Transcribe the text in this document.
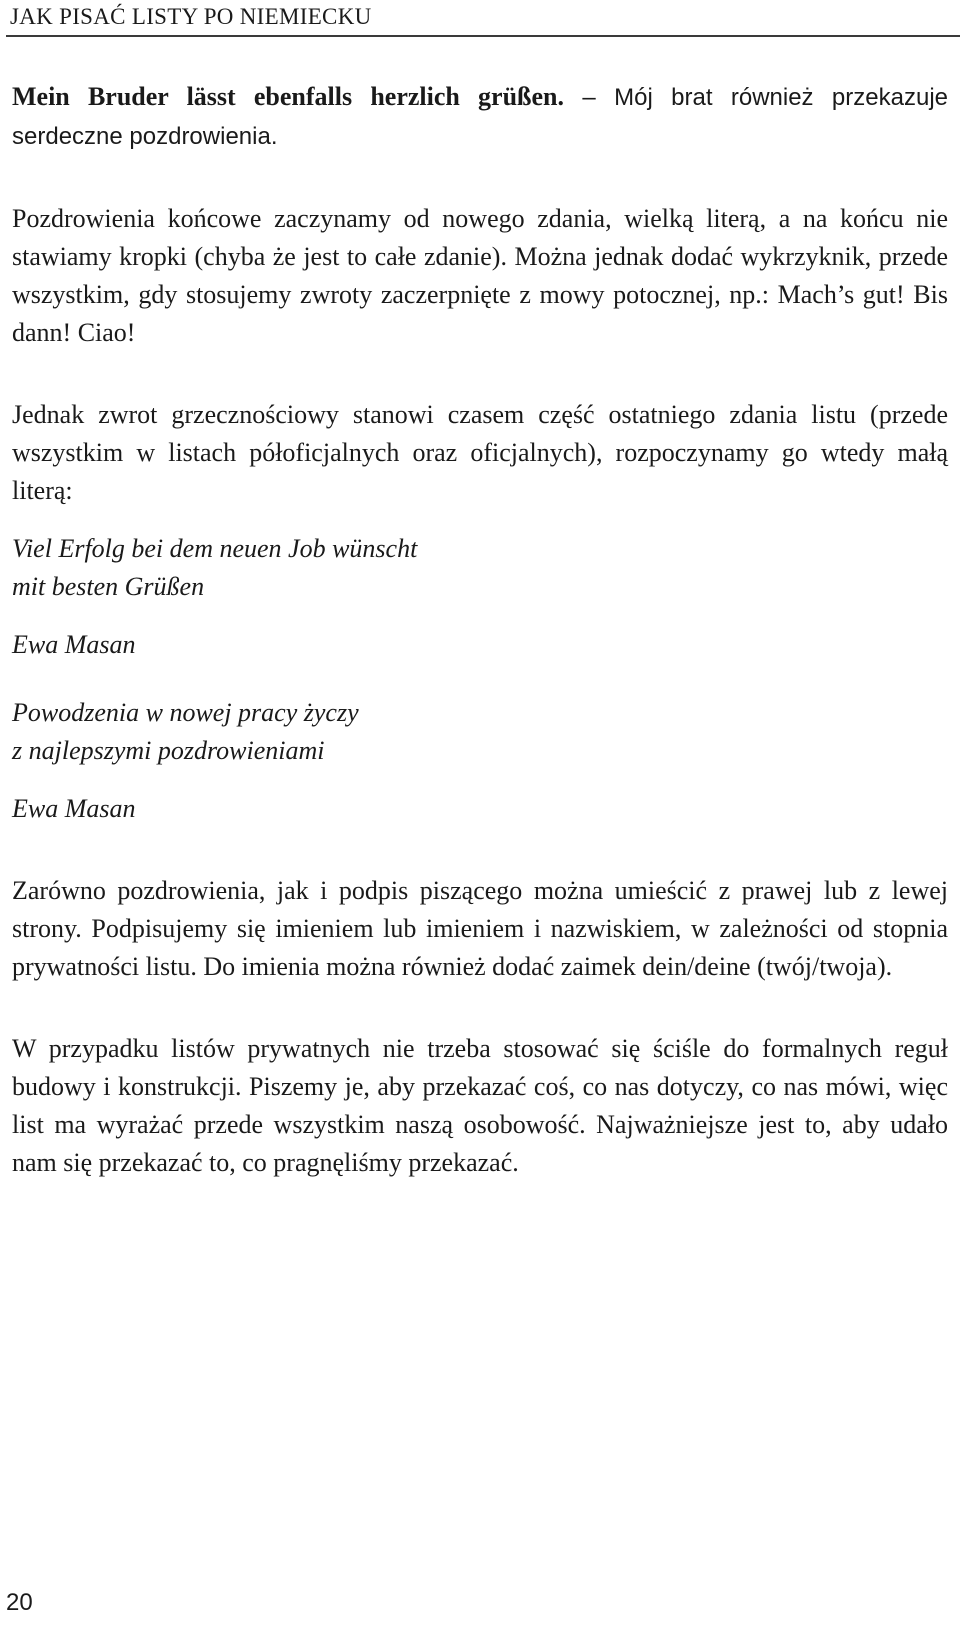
JAK PISAĆ LISTY PO NIEMIECKU

Mein Bruder lässt ebenfalls herzlich grüßen. – Mój brat również przekazuje serdeczne pozdrowienia.

Pozdrowienia końcowe zaczynamy od nowego zdania, wielką literą, a na końcu nie stawiamy kropki (chyba że jest to całe zdanie). Można jednak dodać wykrzyknik, przede wszystkim, gdy stosujemy zwroty zaczerpnięte z mowy potocznej, np.: Mach’s gut! Bis dann! Ciao!

Jednak zwrot grzecznościowy stanowi czasem część ostatniego zdania listu (przede wszystkim w listach półoficjalnych oraz oficjalnych), rozpoczynamy go wtedy małą literą:

Viel Erfolg bei dem neuen Job wünscht

mit besten Grüßen

Ewa Masan

Powodzenia w nowej pracy życzy

z najlepszymi pozdrowieniami

Ewa Masan

Zarówno pozdrowienia, jak i podpis piszącego można umieścić z prawej lub z lewej strony. Podpisujemy się imieniem lub imieniem i nazwiskiem, w zależności od stopnia prywatności listu. Do imienia można również dodać zaimek dein/deine (twój/twoja).

W przypadku listów prywatnych nie trzeba stosować się ściśle do formalnych reguł budowy i konstrukcji. Piszemy je, aby przekazać coś, co nas dotyczy, co nas mówi, więc list ma wyrażać przede wszystkim naszą osobowość. Najważniejsze jest to, aby udało nam się przekazać to, co pragnęliśmy przekazać.

20
